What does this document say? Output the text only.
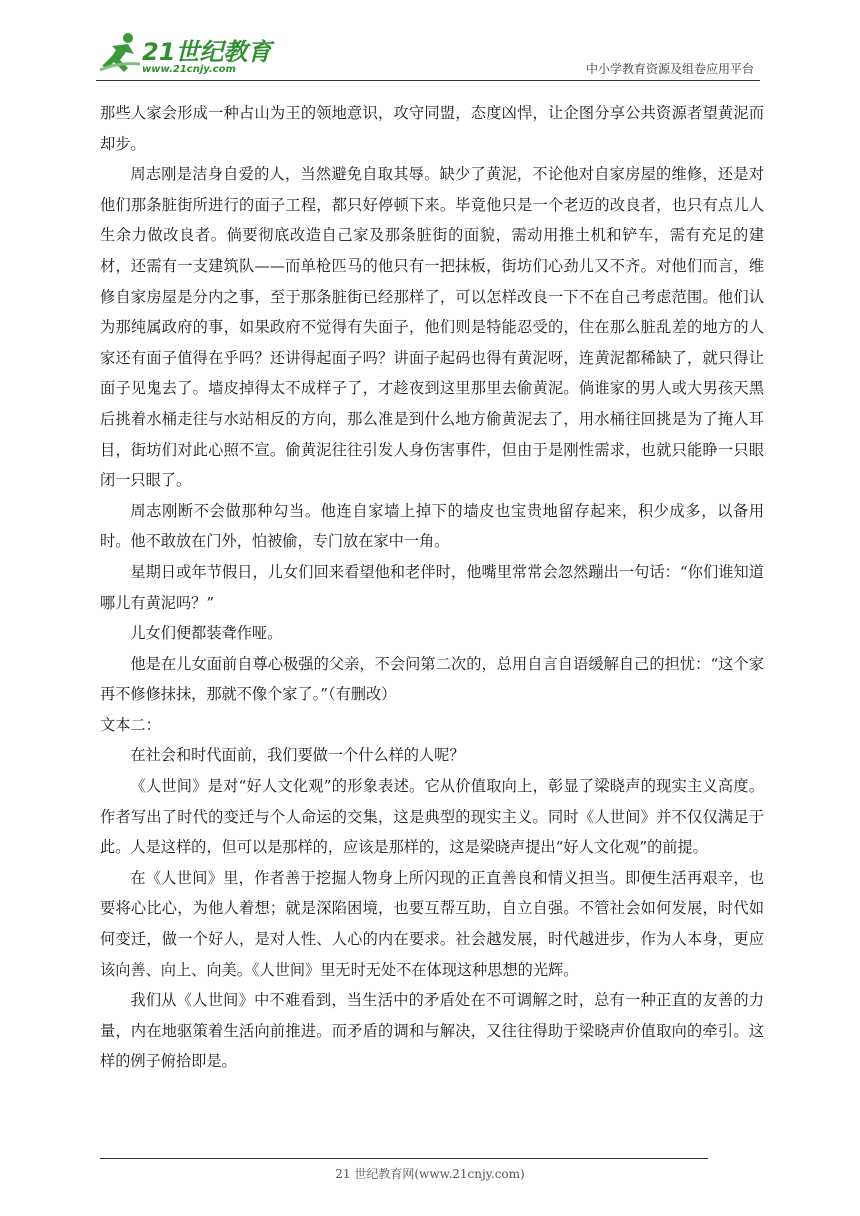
21世纪教育
www.21cnjy.com	中小学教育资源及组卷应用平台

那些人家会形成一种占山为王的领地意识，攻守同盟，态度凶悍，让企图分享公共资源者望黄泥而却步。

周志刚是洁身自爱的人，当然避免自取其辱。缺少了黄泥，不论他对自家房屋的维修，还是对他们那条脏街所进行的面子工程，都只好停顿下来。毕竟他只是一个老迈的改良者，也只有点儿人生余力做改良者。倘要彻底改造自己家及那条脏街的面貌，需动用推土机和铲车，需有充足的建材，还需有一支建筑队——而单枪匹马的他只有一把抹板，街坊们心劲儿又不齐。对他们而言，维修自家房屋是分内之事，至于那条脏街已经那样了，可以怎样改良一下不在自己考虑范围。他们认为那纯属政府的事，如果政府不觉得有失面子，他们则是特能忍受的，住在那么脏乱差的地方的人家还有面子值得在乎吗？还讲得起面子吗？讲面子起码也得有黄泥呀，连黄泥都稀缺了，就只得让面子见鬼去了。墙皮掉得太不成样子了，才趁夜到这里那里去偷黄泥。倘谁家的男人或大男孩天黑后挑着水桶走往与水站相反的方向，那么准是到什么地方偷黄泥去了，用水桶往回挑是为了掩人耳目，街坊们对此心照不宣。偷黄泥往往引发人身伤害事件，但由于是刚性需求，也就只能睁一只眼闭一只眼了。

周志刚断不会做那种勾当。他连自家墙上掉下的墙皮也宝贵地留存起来，积少成多，以备用时。他不敢放在门外，怕被偷，专门放在家中一角。

星期日或年节假日，儿女们回来看望他和老伴时，他嘴里常常会忽然蹦出一句话：“你们谁知道哪儿有黄泥吗？”

儿女们便都装聋作哑。

他是在儿女面前自尊心极强的父亲，不会问第二次的，总用自言自语缓解自己的担忧：“这个家再不修修抹抹，那就不像个家了。”（有删改）

文本二：

在社会和时代面前，我们要做一个什么样的人呢？

《人世间》是对“好人文化观”的形象表述。它从价值取向上，彰显了梁晓声的现实主义高度。作者写出了时代的变迁与个人命运的交集，这是典型的现实主义。同时《人世间》并不仅仅满足于此。人是这样的，但可以是那样的，应该是那样的，这是梁晓声提出“好人文化观”的前提。

在《人世间》里，作者善于挖掘人物身上所闪现的正直善良和情义担当。即便生活再艰辛，也要将心比心，为他人着想；就是深陷困境，也要互帮互助，自立自强。不管社会如何发展，时代如何变迁，做一个好人，是对人性、人心的内在要求。社会越发展，时代越进步，作为人本身，更应该向善、向上、向美。《人世间》里无时无处不在体现这种思想的光辉。

我们从《人世间》中不难看到，当生活中的矛盾处在不可调解之时，总有一种正直的友善的力量，内在地驱策着生活向前推进。而矛盾的调和与解决，又往往得助于梁晓声价值取向的牵引。这样的例子俯拾即是。

21 世纪教育网(www.21cnjy.com)
